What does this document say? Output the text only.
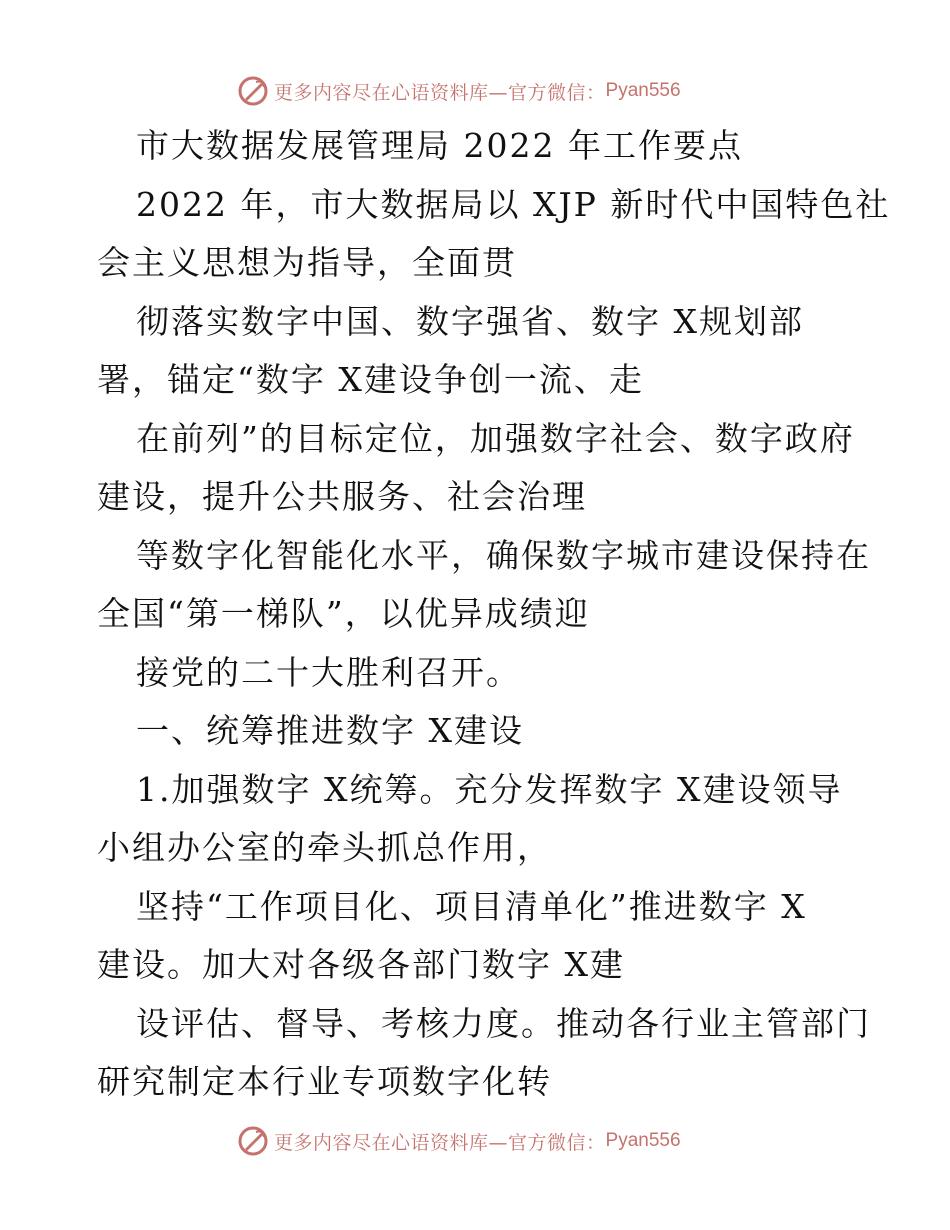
更多内容尽在心语资料库—官方微信： Pyan556
市大数据发展管理局 2022 年工作要点
2022 年，市大数据局以 XJP 新时代中国特色社
会主义思想为指导，全面贯
彻落实数字中国、数字强省、数字 X规划部
署，锚定“数字 X建设争创一流、走
在前列”的目标定位，加强数字社会、数字政府
建设，提升公共服务、社会治理
等数字化智能化水平，确保数字城市建设保持在
全国“第一梯队”，以优异成绩迎
接党的二十大胜利召开。
一、统筹推进数字 X建设
1.加强数字 X统筹。充分发挥数字 X建设领导
小组办公室的牵头抓总作用，
坚持“工作项目化、项目清单化”推进数字 X
建设。加大对各级各部门数字 X建
设评估、督导、考核力度。推动各行业主管部门
研究制定本行业专项数字化转
更多内容尽在心语资料库—官方微信： Pyan556
